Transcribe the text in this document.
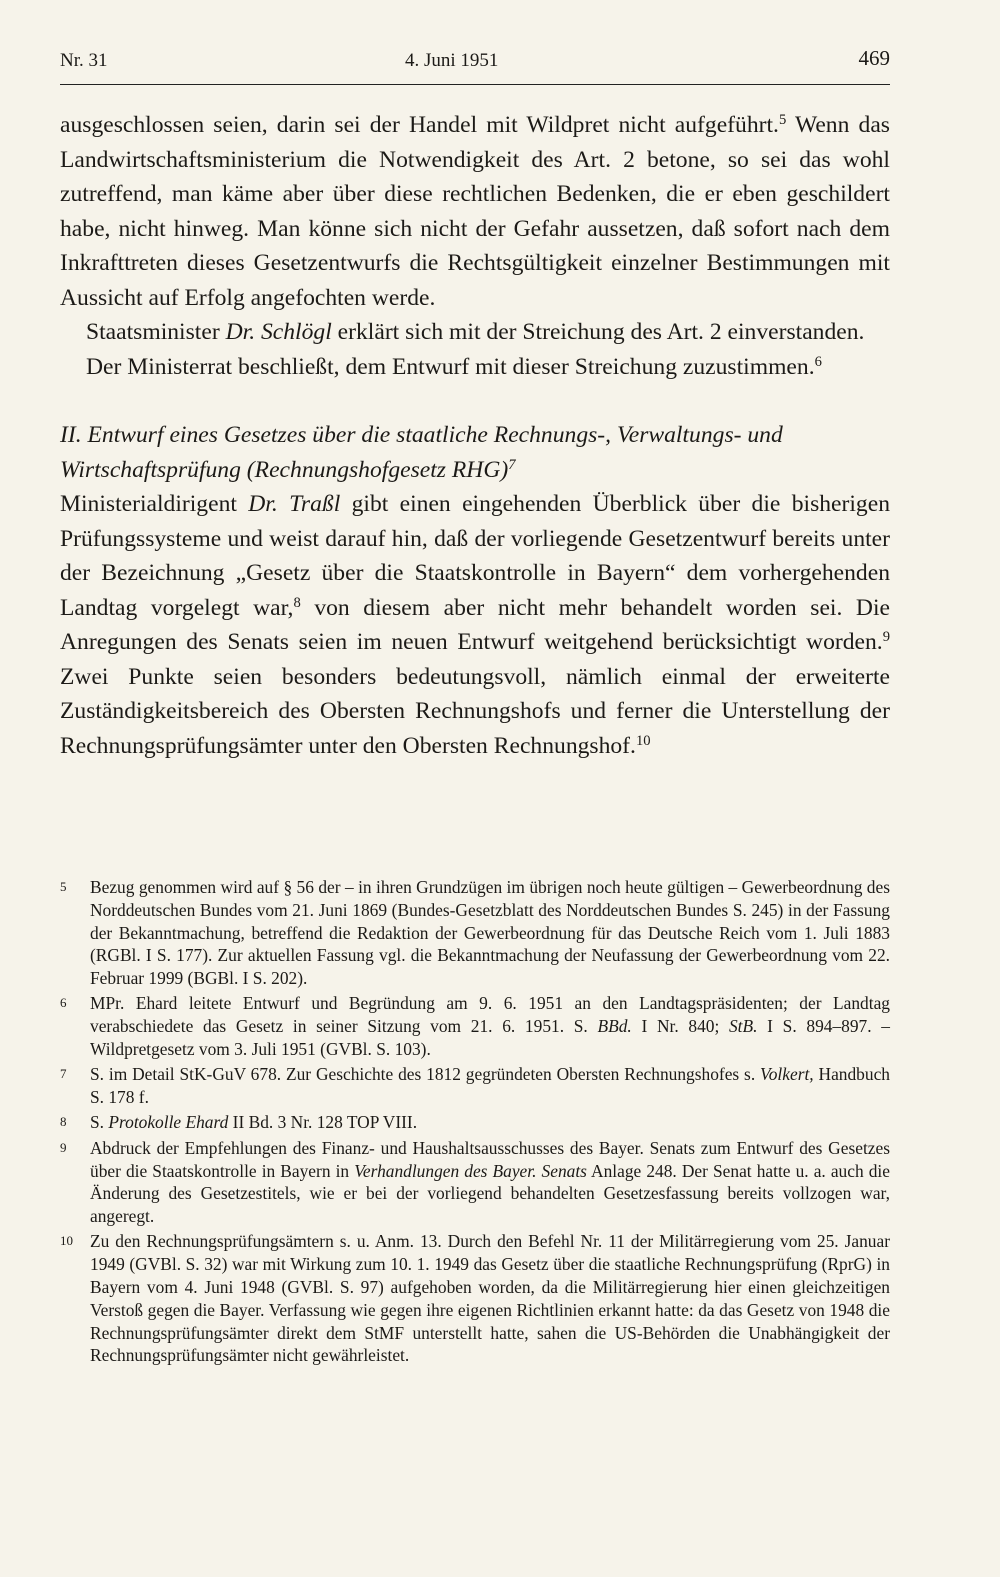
Nr. 31	4. Juni 1951	469

ausgeschlossen seien, darin sei der Handel mit Wildpret nicht aufgeführt.$^5$ Wenn das Landwirtschaftsministerium die Notwendigkeit des Art. 2 betone, so sei das wohl zutreffend, man käme aber über diese rechtlichen Bedenken, die er eben geschildert habe, nicht hinweg. Man könne sich nicht der Gefahr aussetzen, daß sofort nach dem Inkrafttreten dieses Gesetzentwurfs die Rechtsgültigkeit einzelner Bestimmungen mit Aussicht auf Erfolg angefochten werde.

Staatsminister Dr. Schlögl erklärt sich mit der Streichung des Art. 2 einverstanden.

Der Ministerrat beschließt, dem Entwurf mit dieser Streichung zuzustimmen.$^6$

II. Entwurf eines Gesetzes über die staatliche Rechnungs-, Verwaltungs- und Wirtschaftsprüfung (Rechnungshofgesetz RHG)$^7$

Ministerialdirigent Dr. Traßl gibt einen eingehenden Überblick über die bisherigen Prüfungssysteme und weist darauf hin, daß der vorliegende Gesetzentwurf bereits unter der Bezeichnung „Gesetz über die Staatskontrolle in Bayern“ dem vorhergehenden Landtag vorgelegt war,$^8$ von diesem aber nicht mehr behandelt worden sei. Die Anregungen des Senats seien im neuen Entwurf weitgehend berücksichtigt worden.$^9$ Zwei Punkte seien besonders bedeutungsvoll, nämlich einmal der erweiterte Zuständigkeitsbereich des Obersten Rechnungshofs und ferner die Unterstellung der Rechnungsprüfungsämter unter den Obersten Rechnungshof.$^{10}$

5 Bezug genommen wird auf § 56 der – in ihren Grundzügen im übrigen noch heute gültigen – Gewerbeordnung des Norddeutschen Bundes vom 21. Juni 1869 (Bundes-Gesetzblatt des Norddeutschen Bundes S. 245) in der Fassung der Bekanntmachung, betreffend die Redaktion der Gewerbeordnung für das Deutsche Reich vom 1. Juli 1883 (RGBl. I S. 177). Zur aktuellen Fassung vgl. die Bekanntmachung der Neufassung der Gewerbeordnung vom 22. Februar 1999 (BGBl. I S. 202).

6 MPr. Ehard leitete Entwurf und Begründung am 9. 6. 1951 an den Landtagspräsidenten; der Landtag verabschiedete das Gesetz in seiner Sitzung vom 21. 6. 1951. S. BBd. I Nr. 840; StB. I S. 894–897. – Wildpretgesetz vom 3. Juli 1951 (GVBl. S. 103).

7 S. im Detail StK-GuV 678. Zur Geschichte des 1812 gegründeten Obersten Rechnungshofes s. Volkert, Handbuch S. 178 f.

8 S. Protokolle Ehard II Bd. 3 Nr. 128 TOP VIII.

9 Abdruck der Empfehlungen des Finanz- und Haushaltsausschusses des Bayer. Senats zum Entwurf des Gesetzes über die Staatskontrolle in Bayern in Verhandlungen des Bayer. Senats Anlage 248. Der Senat hatte u. a. auch die Änderung des Gesetzestitels, wie er bei der vorliegend behandelten Gesetzesfassung bereits vollzogen war, angeregt.

10 Zu den Rechnungsprüfungsämtern s. u. Anm. 13. Durch den Befehl Nr. 11 der Militärregierung vom 25. Januar 1949 (GVBl. S. 32) war mit Wirkung zum 10. 1. 1949 das Gesetz über die staatliche Rechnungsprüfung (RprG) in Bayern vom 4. Juni 1948 (GVBl. S. 97) aufgehoben worden, da die Militärregierung hier einen gleichzeitigen Verstoß gegen die Bayer. Verfassung wie gegen ihre eigenen Richtlinien erkannt hatte: da das Gesetz von 1948 die Rechnungsprüfungsämter direkt dem StMF unterstellt hatte, sahen die US-Behörden die Unabhängigkeit der Rechnungsprüfungsämter nicht gewährleistet.
